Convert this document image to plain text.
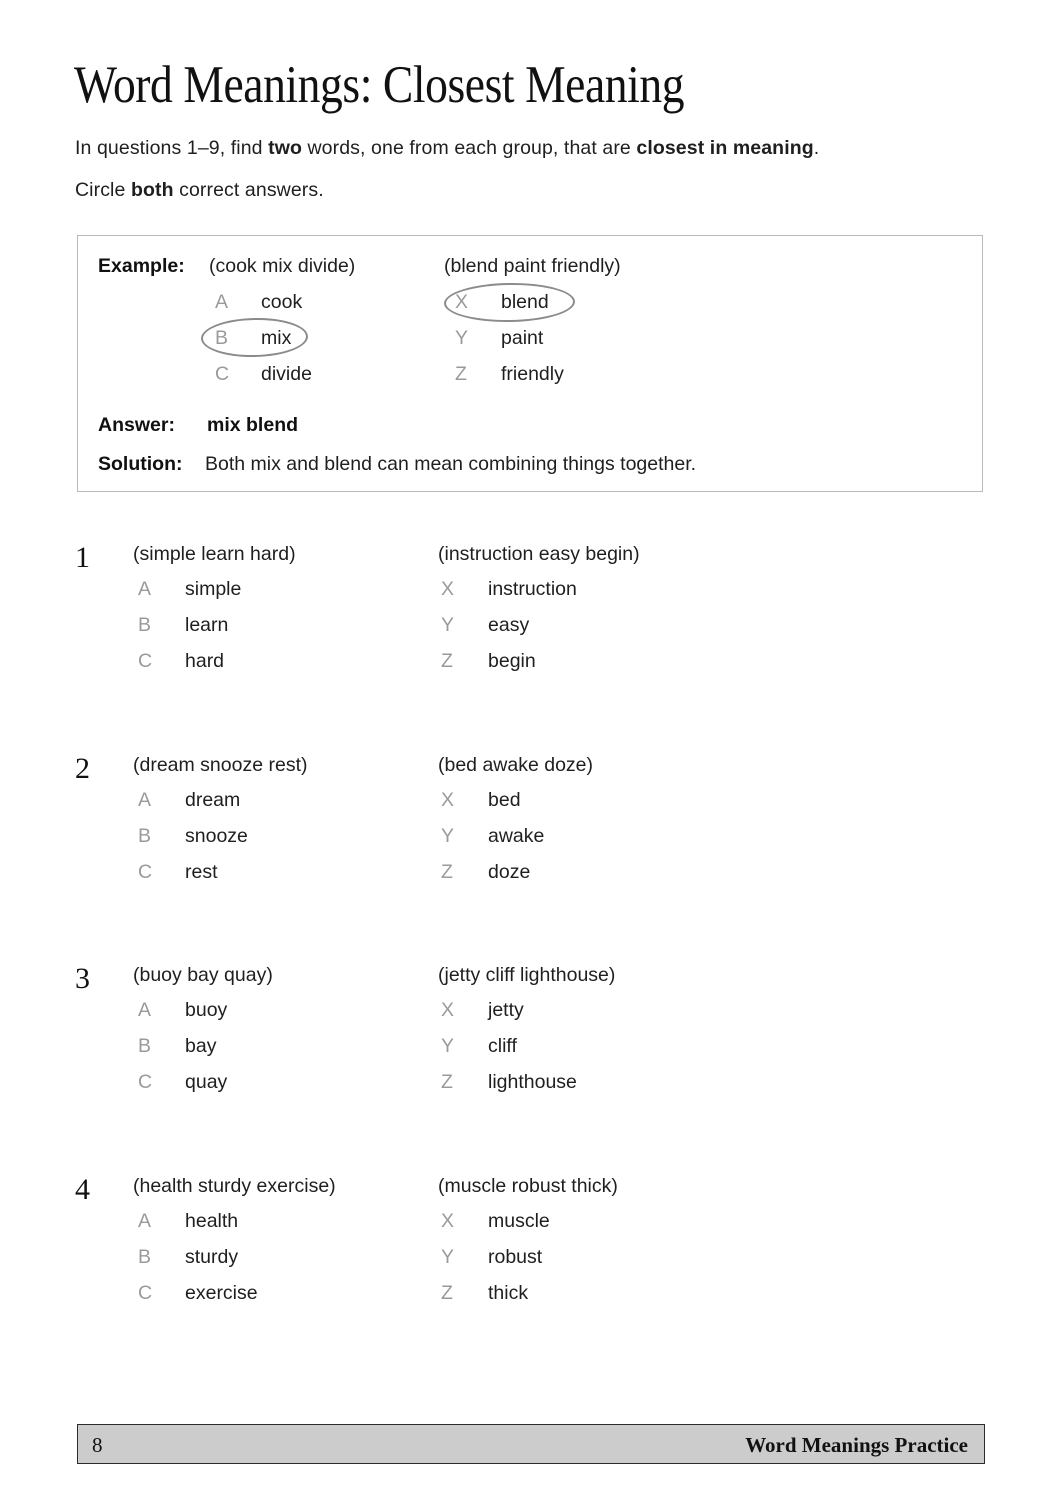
Word Meanings: Closest Meaning
In questions 1–9, find two words, one from each group, that are closest in meaning.
Circle both correct answers.
Example: (cook mix divide)	(blend paint friendly)
A cook
B mix
C divide
X blend
Y paint
Z friendly
Answer: mix blend
Solution: Both mix and blend can mean combining things together.
1 (simple learn hard)	(instruction easy begin)
A simple
B learn
C hard
X instruction
Y easy
Z begin
2 (dream snooze rest)	(bed awake doze)
A dream
B snooze
C rest
X bed
Y awake
Z doze
3 (buoy bay quay)	(jetty cliff lighthouse)
A buoy
B bay
C quay
X jetty
Y cliff
Z lighthouse
4 (health sturdy exercise)	(muscle robust thick)
A health
B sturdy
C exercise
X muscle
Y robust
Z thick
8	Word Meanings Practice
